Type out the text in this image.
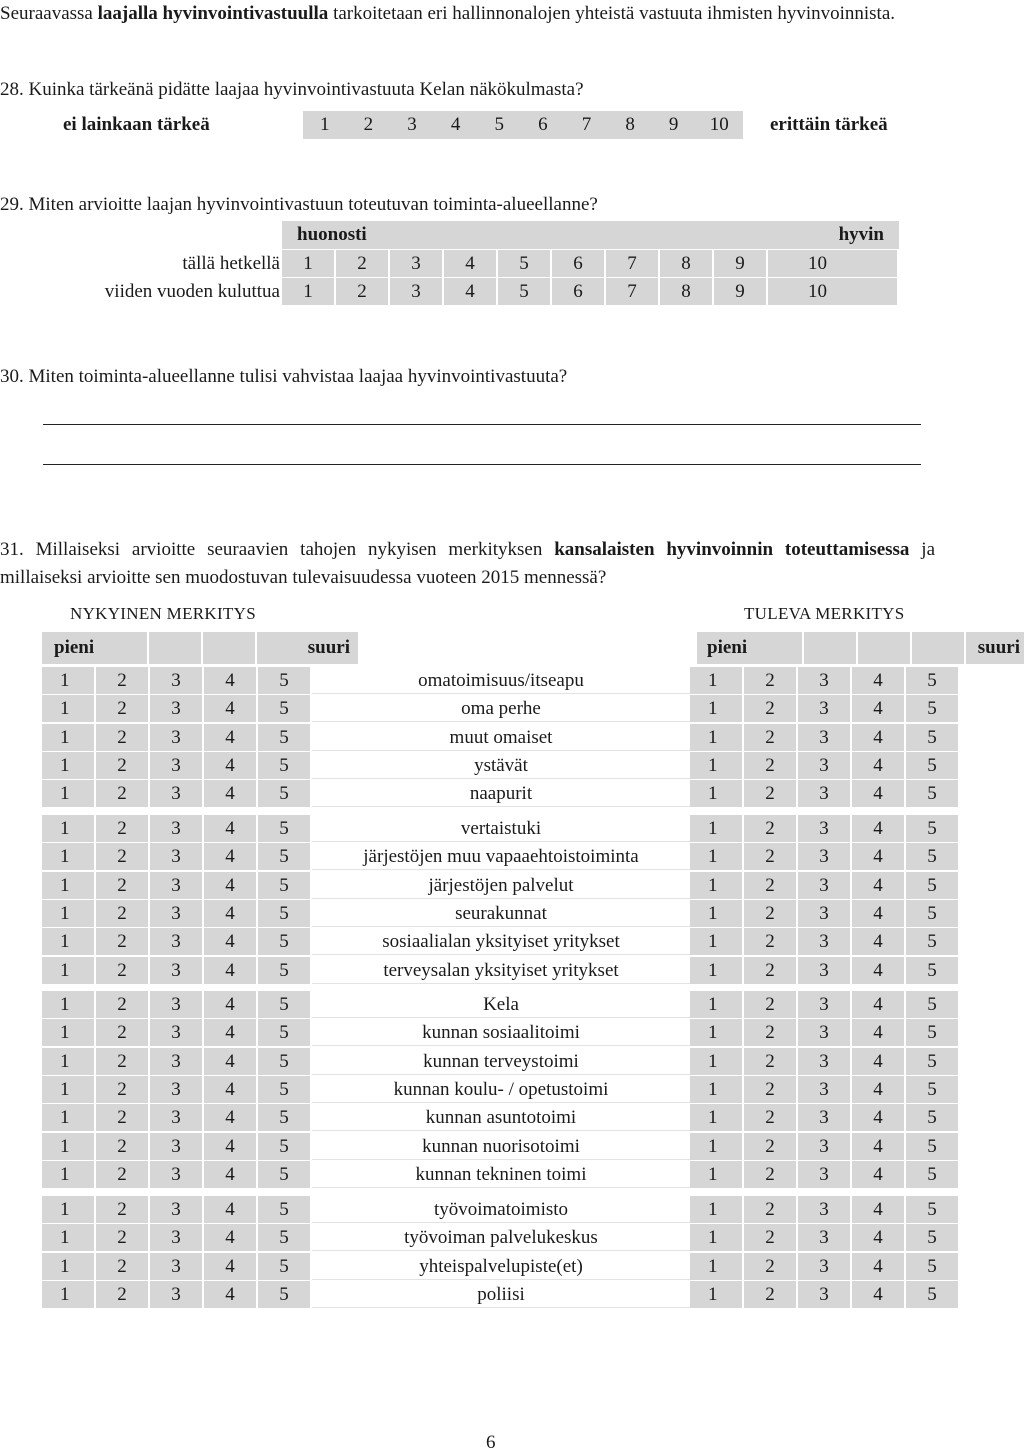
Seuraavassa laajalla hyvinvointivastuulla tarkoitetaan eri hallinnonalojen yhteistä vastuuta ihmisten hyvinvoinnista.
28. Kuinka tärkeänä pidätte laajaa hyvinvointivastuuta Kelan näkökulmasta?
ei lainkaan tärkeä	1	2	3	4	5	6	7	8	9	10	erittäin tärkeä
29. Miten arvioitte laajan hyvinvointivastuun toteutuvan toiminta-alueellanne?
huonosti	hyvin
tällä hetkellä	1	2	3	4	5	6	7	8	9	10
viiden vuoden kuluttua	1	2	3	4	5	6	7	8	9	10
30. Miten toiminta-alueellanne tulisi vahvistaa laajaa hyvinvointivastuuta?
31. Millaiseksi arvioitte seuraavien tahojen nykyisen merkityksen kansalaisten hyvinvoinnin toteuttamisessa ja millaiseksi arvioitte sen muodostuvan tulevaisuudessa vuoteen 2015 mennessä?
NYKYINEN MERKITYS	TULEVA MERKITYS
pieni	suuri	pieni	suuri
1	2	3	4	5	omatoimisuus/itseapu	1	2	3	4	5
1	2	3	4	5	oma perhe	1	2	3	4	5
1	2	3	4	5	muut omaiset	1	2	3	4	5
1	2	3	4	5	ystävät	1	2	3	4	5
1	2	3	4	5	naapurit	1	2	3	4	5
1	2	3	4	5	vertaistuki	1	2	3	4	5
1	2	3	4	5	järjestöjen muu vapaaehtoistoiminta	1	2	3	4	5
1	2	3	4	5	järjestöjen palvelut	1	2	3	4	5
1	2	3	4	5	seurakunnat	1	2	3	4	5
1	2	3	4	5	sosiaalialan yksityiset yritykset	1	2	3	4	5
1	2	3	4	5	terveysalan yksityiset yritykset	1	2	3	4	5
1	2	3	4	5	Kela	1	2	3	4	5
1	2	3	4	5	kunnan sosiaalitoimi	1	2	3	4	5
1	2	3	4	5	kunnan terveystoimi	1	2	3	4	5
1	2	3	4	5	kunnan koulu- / opetustoimi	1	2	3	4	5
1	2	3	4	5	kunnan asuntotoimi	1	2	3	4	5
1	2	3	4	5	kunnan nuorisotoimi	1	2	3	4	5
1	2	3	4	5	kunnan tekninen toimi	1	2	3	4	5
1	2	3	4	5	työvoimatoimisto	1	2	3	4	5
1	2	3	4	5	työvoiman palvelukeskus	1	2	3	4	5
1	2	3	4	5	yhteispalvelupiste(et)	1	2	3	4	5
1	2	3	4	5	poliisi	1	2	3	4	5
6
